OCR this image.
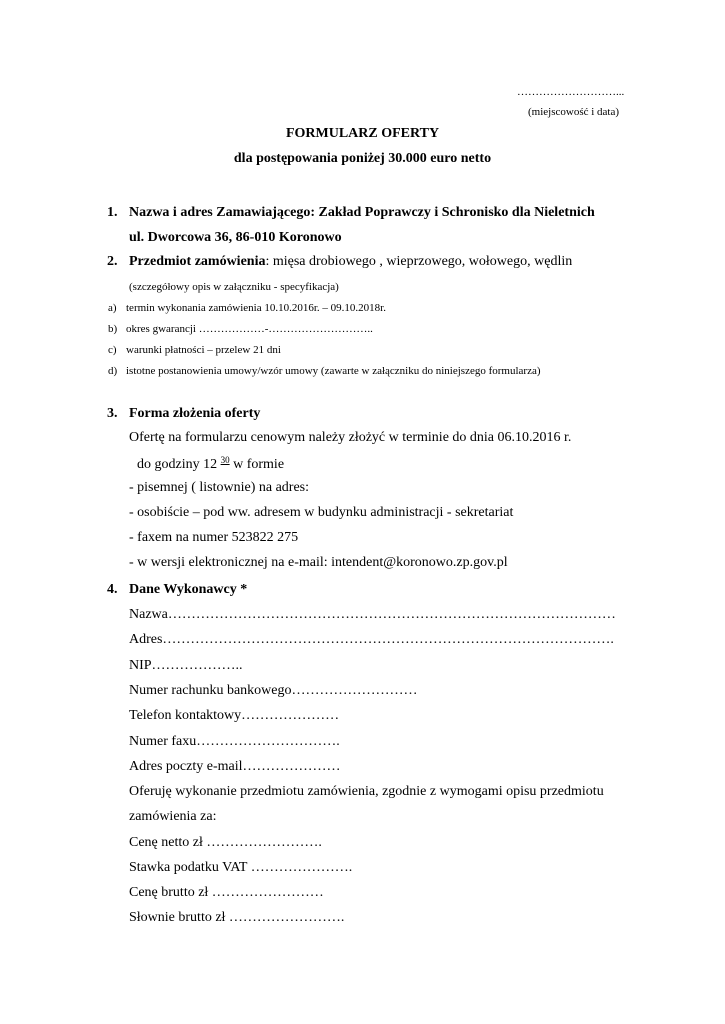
………………………...
(miejscowość i data)
FORMULARZ OFERTY
dla postępowania poniżej 30.000 euro netto
1. Nazwa i adres Zamawiającego: Zakład Poprawczy i Schronisko dla Nieletnich
ul. Dworcowa 36, 86-010 Koronowo
2. Przedmiot zamówienia: mięsa drobiowego , wieprzowego, wołowego, wędlin
(szczegółowy opis w załączniku - specyfikacja)
a) termin wykonania zamówienia 10.10.2016r. – 09.10.2018r.
b) okres gwarancji ………………-………………………..
c) warunki płatności – przelew 21 dni
d) istotne postanowienia umowy/wzór umowy (zawarte w załączniku do niniejszego formularza)
3. Forma złożenia oferty
Ofertę na formularzu cenowym należy złożyć w terminie do dnia 06.10.2016 r.
do godziny 12 $^{30}$ w formie
- pisemnej ( listownie) na adres:
- osobiście – pod ww. adresem w budynku administracji - sekretariat
- faxem na numer 523822 275
- w wersji elektronicznej na e-mail: intendent@koronowo.zp.gov.pl
4. Dane Wykonawcy *
Nazwa……………………………………………………………………………………
Adres…………………………………………………………………………………….
NIP………………..
Numer rachunku bankowego………………………
Telefon kontaktowy…………………
Numer faxu………………………….
Adres poczty e-mail…………………
Oferuję wykonanie przedmiotu zamówienia, zgodnie z wymogami opisu przedmiotu
zamówienia za:
Cenę netto zł …………………….
Stawka podatku VAT ………………….
Cenę brutto zł ……………………
Słownie brutto zł …………………….
